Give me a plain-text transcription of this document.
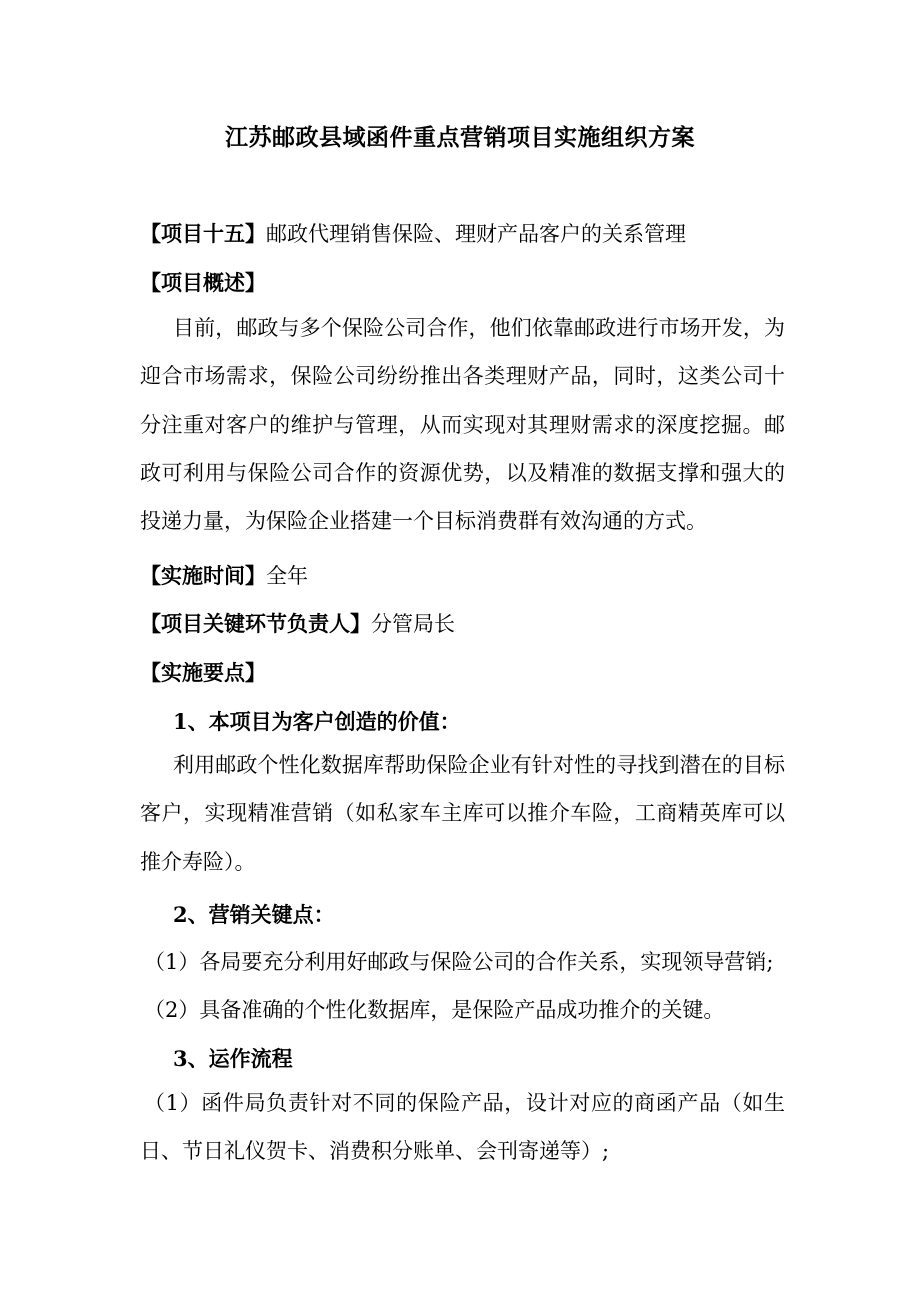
江苏邮政县域函件重点营销项目实施组织方案
【项目十五】邮政代理销售保险、理财产品客户的关系管理
【项目概述】
目前，邮政与多个保险公司合作，他们依靠邮政进行市场开发，为迎合市场需求，保险公司纷纷推出各类理财产品，同时，这类公司十分注重对客户的维护与管理，从而实现对其理财需求的深度挖掘。邮政可利用与保险公司合作的资源优势，以及精准的数据支撑和强大的投递力量，为保险企业搭建一个目标消费群有效沟通的方式。
【实施时间】全年
【项目关键环节负责人】分管局长
【实施要点】
1、本项目为客户创造的价值：
利用邮政个性化数据库帮助保险企业有针对性的寻找到潜在的目标客户，实现精准营销（如私家车主库可以推介车险，工商精英库可以推介寿险）。
2、营销关键点：
（1）各局要充分利用好邮政与保险公司的合作关系，实现领导营销;
（2）具备准确的个性化数据库，是保险产品成功推介的关键。
3、运作流程
（1）函件局负责针对不同的保险产品，设计对应的商函产品（如生日、节日礼仪贺卡、消费积分账单、会刊寄递等）;
